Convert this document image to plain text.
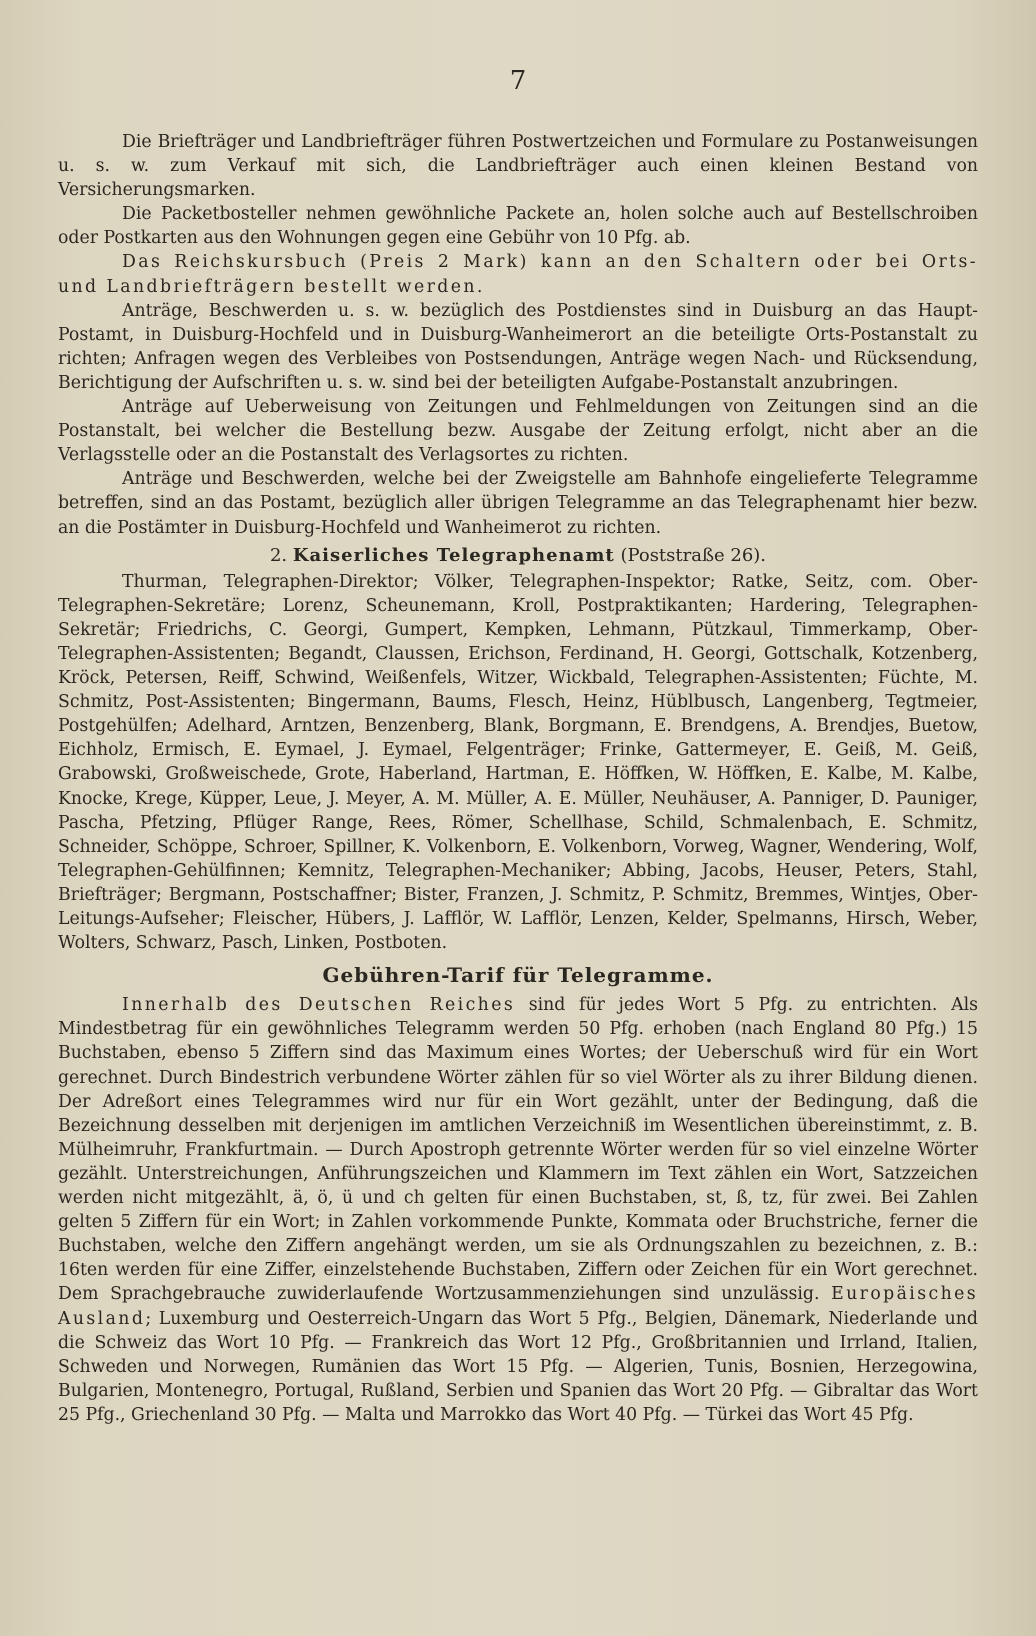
7

Die Briefträger und Landbriefträger führen Postwertzeichen und Formulare zu Postanweisungen u. s. w. zum Verkauf mit sich, die Landbriefträger auch einen kleinen Bestand von Versicherungsmarken.

Die Packetbosteller nehmen gewöhnliche Packete an, holen solche auch auf Bestellschroiben oder Postkarten aus den Wohnungen gegen eine Gebühr von 10 Pfg. ab.

Das Reichskursbuch (Preis 2 Mark) kann an den Schaltern oder bei Orts- und Landbriefträgern bestellt werden.

Anträge, Beschwerden u. s. w. bezüglich des Postdienstes sind in Duisburg an das Haupt-Postamt, in Duisburg-Hochfeld und in Duisburg-Wanheimerort an die beteiligte Orts-Postanstalt zu richten; Anfragen wegen des Verbleibes von Postsendungen, Anträge wegen Nach- und Rücksendung, Berichtigung der Aufschriften u. s. w. sind bei der beteiligten Aufgabe-Postanstalt anzubringen.

Anträge auf Ueberweisung von Zeitungen und Fehlmeldungen von Zeitungen sind an die Postanstalt, bei welcher die Bestellung bezw. Ausgabe der Zeitung erfolgt, nicht aber an die Verlagsstelle oder an die Postanstalt des Verlagsortes zu richten.

Anträge und Beschwerden, welche bei der Zweigstelle am Bahnhofe eingelieferte Telegramme betreffen, sind an das Postamt, bezüglich aller übrigen Telegramme an das Telegraphenamt hier bezw. an die Postämter in Duisburg-Hochfeld und Wanheimerot zu richten.

2. Kaiserliches Telegraphenamt (Poststraße 26).

Thurman, Telegraphen-Direktor; Völker, Telegraphen-Inspektor; Ratke, Seitz, com. Ober-Telegraphen-Sekretäre; Lorenz, Scheunemann, Kroll, Postpraktikanten; Hardering, Telegraphen-Sekretär; Friedrichs, C. Georgi, Gumpert, Kempken, Lehmann, Pützkaul, Timmerkamp, Ober-Telegraphen-Assistenten; Begandt, Claussen, Erichson, Ferdinand, H. Georgi, Gottschalk, Kotzenberg, Kröck, Petersen, Reiff, Schwind, Weißenfels, Witzer, Wickbald, Telegraphen-Assistenten; Füchte, M. Schmitz, Post-Assistenten; Bingermann, Baums, Flesch, Heinz, Hüblbusch, Langenberg, Tegtmeier, Postgehülfen; Adelhard, Arntzen, Benzenberg, Blank, Borgmann, E. Brendgens, A. Brendjes, Buetow, Eichholz, Ermisch, E. Eymael, J. Eymael, Felgenträger; Frinke, Gattermeyer, E. Geiß, M. Geiß, Grabowski, Großweischede, Grote, Haberland, Hartman, E. Höffken, W. Höffken, E. Kalbe, M. Kalbe, Knocke, Krege, Küpper, Leue, J. Meyer, A. M. Müller, A. E. Müller, Neuhäuser, A. Panniger, D. Pauniger, Pascha, Pfetzing, Pflüger Range, Rees, Römer, Schellhase, Schild, Schmalenbach, E. Schmitz, Schneider, Schöppe, Schroer, Spillner, K. Volkenborn, E. Volkenborn, Vorweg, Wagner, Wendering, Wolf, Telegraphen-Gehülfinnen; Kemnitz, Telegraphen-Mechaniker; Abbing, Jacobs, Heuser, Peters, Stahl, Briefträger; Bergmann, Postschaffner; Bister, Franzen, J. Schmitz, P. Schmitz, Bremmes, Wintjes, Ober-Leitungs-Aufseher; Fleischer, Hübers, J. Lafflör, W. Lafflör, Lenzen, Kelder, Spelmanns, Hirsch, Weber, Wolters, Schwarz, Pasch, Linken, Postboten.

Gebühren-Tarif für Telegramme.

Innerhalb des Deutschen Reiches sind für jedes Wort 5 Pfg. zu entrichten. Als Mindestbetrag für ein gewöhnliches Telegramm werden 50 Pfg. erhoben (nach England 80 Pfg.) 15 Buchstaben, ebenso 5 Ziffern sind das Maximum eines Wortes; der Ueberschuß wird für ein Wort gerechnet. Durch Bindestrich verbundene Wörter zählen für so viel Wörter als zu ihrer Bildung dienen. Der Adreßort eines Telegrammes wird nur für ein Wort gezählt, unter der Bedingung, daß die Bezeichnung desselben mit derjenigen im amtlichen Verzeichniß im Wesentlichen übereinstimmt, z. B. Mülheimruhr, Frankfurtmain. — Durch Apostroph getrennte Wörter werden für so viel einzelne Wörter gezählt. Unterstreichungen, Anführungszeichen und Klammern im Text zählen ein Wort, Satzzeichen werden nicht mitgezählt, ä, ö, ü und ch gelten für einen Buchstaben, st, ß, tz, für zwei. Bei Zahlen gelten 5 Ziffern für ein Wort; in Zahlen vorkommende Punkte, Kommata oder Bruchstriche, ferner die Buchstaben, welche den Ziffern angehängt werden, um sie als Ordnungszahlen zu bezeichnen, z. B.: 16ten werden für eine Ziffer, einzelstehende Buchstaben, Ziffern oder Zeichen für ein Wort gerechnet. Dem Sprachgebrauche zuwiderlaufende Wortzusammenziehungen sind unzulässig. Europäisches Ausland; Luxemburg und Oesterreich-Ungarn das Wort 5 Pfg., Belgien, Dänemark, Niederlande und die Schweiz das Wort 10 Pfg. — Frankreich das Wort 12 Pfg., Großbritannien und Irrland, Italien, Schweden und Norwegen, Rumänien das Wort 15 Pfg. — Algerien, Tunis, Bosnien, Herzegowina, Bulgarien, Montenegro, Portugal, Rußland, Serbien und Spanien das Wort 20 Pfg. — Gibraltar das Wort 25 Pfg., Griechenland 30 Pfg. — Malta und Marrokko das Wort 40 Pfg. — Türkei das Wort 45 Pfg.
